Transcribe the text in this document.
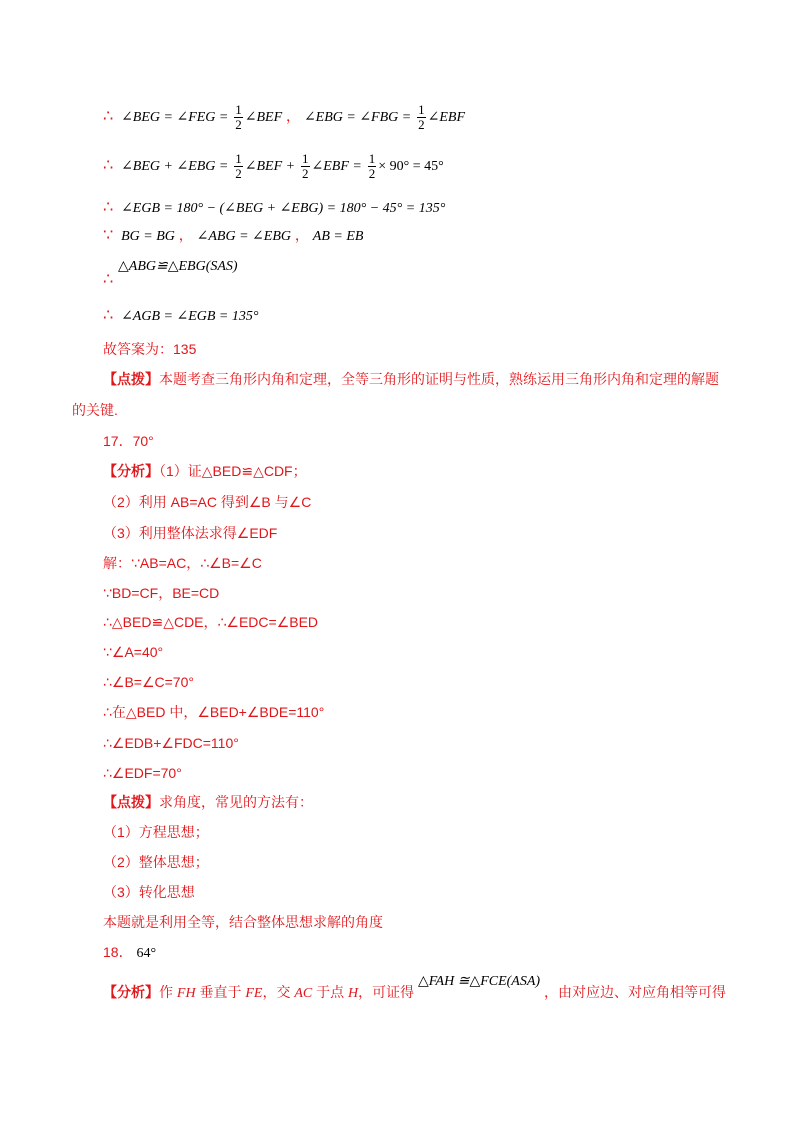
∴ ∠BEG = ∠FEG = $\frac{1}{2}$ ∠BEF ， ∠EBG = ∠FBG = $\frac{1}{2}$ ∠EBF
∴ ∠BEG + ∠EBG = $\frac{1}{2}$ ∠BEF + $\frac{1}{2}$ ∠EBF = $\frac{1}{2} \times 90^\circ = 45^\circ$
∴ ∠EGB = 180° − (∠BEG + ∠EBG) = 180° − 45° = 135°
∵ BG = BG ， ∠ABG = ∠EBG ， AB = EB
△ABG≌△EBG(SAS)
∴
∴ ∠AGB = ∠EGB = 135°
故答案为：135
【点拨】本题考查三角形内角和定理，全等三角形的证明与性质，熟练运用三角形内角和定理的解题
的关键.
17．70°
【分析】（1）证△BED≌△CDF；
（2）利用 AB=AC 得到∠B 与∠C
（3）利用整体法求得∠EDF
解：∵AB=AC，∴∠B=∠C
∵BD=CF，BE=CD
∴△BED≌△CDE，∴∠EDC=∠BED
∵∠A=40°
∴∠B=∠C=70°
∴在△BED 中，∠BED+∠BDE=110°
∴∠EDB+∠FDC=110°
∴∠EDF=70°
【点拨】求角度，常见的方法有：
（1）方程思想；
（2）整体思想；
（3）转化思想
本题就是利用全等，结合整体思想求解的角度
18． 64°
【分析】作 FH 垂直于 FE，交 AC 于点 H，可证得 △FAH ≅△FCE(ASA) ，由对应边、对应角相等可得
